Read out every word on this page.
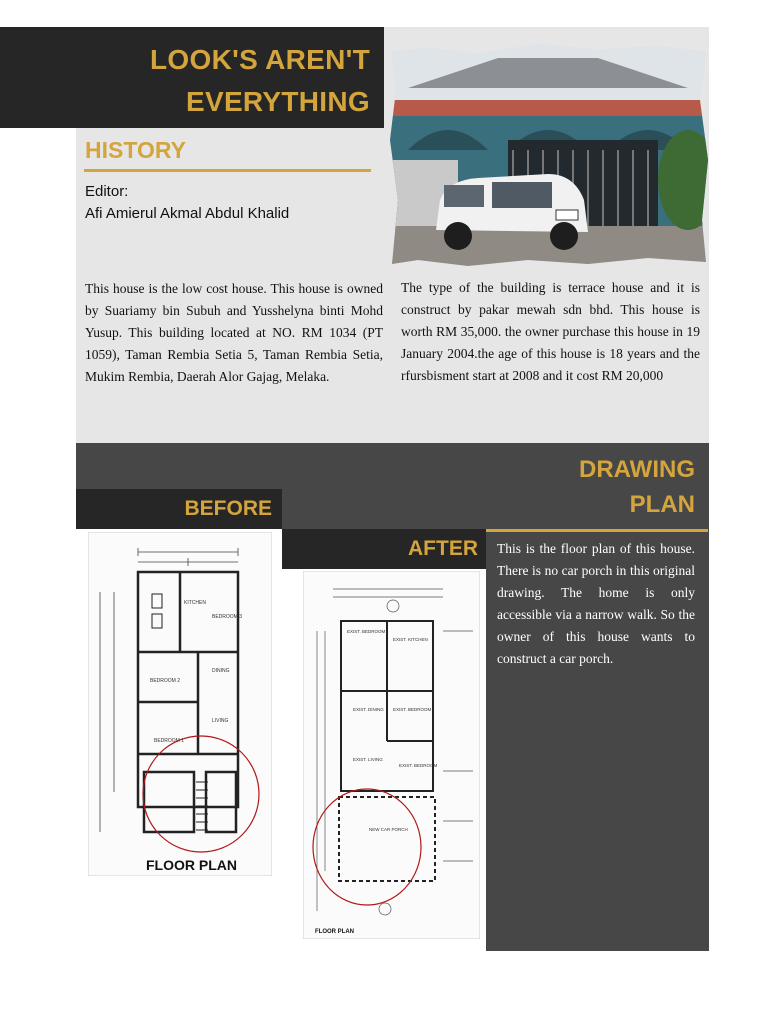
LOOK'S AREN'T
EVERYTHING
HISTORY
Editor:
Afi Amierul Akmal Abdul Khalid
This house is the low cost house. This house is owned by Suariamy bin Subuh and Yusshelyna binti Mohd Yusup. This building located at NO. RM 1034 (PT 1059), Taman Rembia Setia 5, Taman Rembia Setia, Mukim Rembia, Daerah Alor Gajag, Melaka.
The type of the building is terrace house and it is construct by pakar mewah sdn bhd. This house is worth RM 35,000. the owner purchase this house in 19 January 2004.the age of this house is 18 years and the rfursbisment start at 2008 and it cost RM 20,000
DRAWING
PLAN
BEFORE
AFTER
KITCHEN
BEDROOM 3
BEDROOM 2
DINING
LIVING
BEDROOM 1
FLOOR PLAN
EXIST. BEDROOM
EXIST. KITCHEN
EXIST. DINING EXIST. BEDROOM
EXIST. LIVING
EXIST. BEDROOM
NEW CAR PORCH
FLOOR PLAN
This is the floor plan of this house. There is no car porch in this original drawing. The home is only accessible via a narrow walk. So the owner of this house wants to construct a car porch.
